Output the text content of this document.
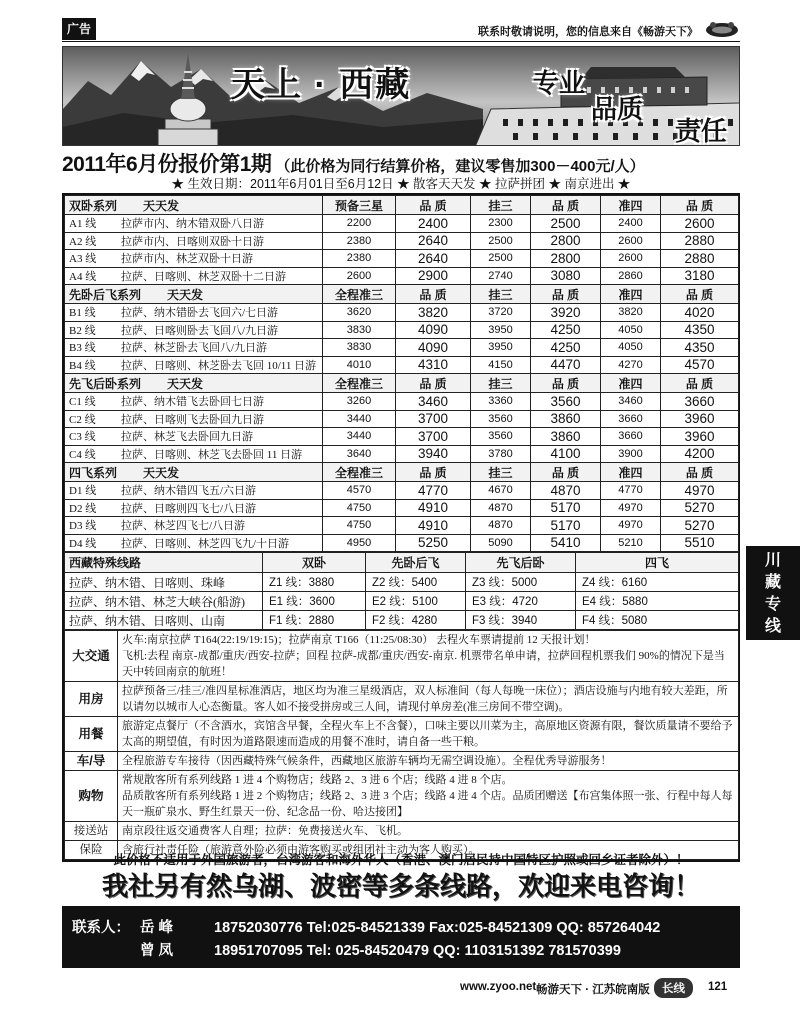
广告	联系时敬请说明，您的信息来自《畅游天下》
天上 · 西藏	专业
品质
责任
2011年6月份报价第1期 （此价格为同行结算价格，建议零售加300－400元/人）
★ 生效日期：2011年6月01日至6月12日 ★ 散客天天发 ★ 拉萨拼团 ★ 南京进出 ★
双卧系列 天天发	预备三星	品 质	挂三	品 质	准四	品 质
A1 线 拉萨市内、纳木错双卧八日游	2200	2400	2300	2500	2400	2600
A2 线 拉萨市内、日喀则双卧十日游	2380	2640	2500	2800	2600	2880
A3 线 拉萨市内、林芝双卧十日游	2380	2640	2500	2800	2600	2880
A4 线 拉萨、日喀则、林芝双卧十二日游	2600	2900	2740	3080	2860	3180
先卧后飞系列 天天发	全程准三	品 质	挂三	品 质	准四	品 质
B1 线 拉萨、纳木错卧去飞回六/七日游	3620	3820	3720	3920	3820	4020
B2 线 拉萨、日喀则卧去飞回八/九日游	3830	4090	3950	4250	4050	4350
B3 线 拉萨、林芝卧去飞回八/九日游	3830	4090	3950	4250	4050	4350
B4 线 拉萨、日喀则、林芝卧去飞回 10/11 日游	4010	4310	4150	4470	4270	4570
先飞后卧系列 天天发	全程准三	品 质	挂三	品 质	准四	品 质
C1 线 拉萨、纳木错飞去卧回七日游	3260	3460	3360	3560	3460	3660
C2 线 拉萨、日喀则飞去卧回九日游	3440	3700	3560	3860	3660	3960
C3 线 拉萨、林芝飞去卧回九日游	3440	3700	3560	3860	3660	3960
C4 线 拉萨、日喀则、林芝飞去卧回 11 日游	3640	3940	3780	4100	3900	4200
四飞系列 天天发	全程准三	品 质	挂三	品 质	准四	品 质
D1 线 拉萨、纳木错四飞五/六日游	4570	4770	4670	4870	4770	4970
D2 线 拉萨、日喀则四飞七/八日游	4750	4910	4870	5170	4970	5270
D3 线 拉萨、林芝四飞七/八日游	4750	4910	4870	5170	4970	5270
D4 线 拉萨、日喀则、林芝四飞九/十日游	4950	5250	5090	5410	5210	5510
西藏特殊线路	双卧	先卧后飞	先飞后卧	四飞
拉萨、纳木错、日喀则、珠峰	Z1 线：3880	Z2 线：5400	Z3 线：5000	Z4 线：6160
拉萨、纳木错、林芝大峡谷(船游)	E1 线：3600	E2 线：5100	E3 线：4720	E4 线：5880
拉萨、纳木错、日喀则、山南	F1 线：2880	F2 线：4280	F3 线：3940	F4 线：5080
大交通	火车:南京拉萨 T164(22:19/19:15)；拉萨南京 T166（11:25/08:30） 去程火车票请提前 12 天报计划！
飞机:去程 南京-成都/重庆/西安-拉萨；回程 拉萨-成都/重庆/西安-南京. 机票带名单申请，拉萨回程机票我们 90%的情况下是当天中转回南京的航班！

用房	拉萨预备三/挂三/准四星标准酒店，地区均为准三星级酒店，双人标准间（每人每晚一床位）；酒店设施与内地有较大差距，所以请勿以城市人心态衡量。客人如不接受拼房或三人间，请现付单房差(准三房间不带空调)。

用餐	旅游定点餐厅（不含酒水，宾馆含早餐，全程火车上不含餐），口味主要以川菜为主，高原地区资源有限，餐饮质量请不要给予太高的期望值，有时因为道路限速而造成的用餐不准时，请自备一些干粮。

车/导	全程旅游专车接待（因西藏特殊气候条件，西藏地区旅游车辆均无需空调设施）。全程优秀导游服务！

购物	常规散客所有系列线路 1 进 4 个购物店；线路 2、3 进 6 个店；线路 4 进 8 个店。
品质散客所有系列线路 1 进 2 个购物店；线路 2、3 进 3 个店；线路 4 进 4 个店。品质团赠送【布宫集体照一张、行程中每人每天一瓶矿泉水、野生红景天一份、纪念品一份、哈达接团】

接送站	南京段往返交通费客人自理；拉萨：免费接送火车、飞机。

保险	含旅行社责任险（旅游意外险必须由游客购买或组团社主动为客人购买）。
此价格不适用于外国旅游者，台湾游客和海外华人（香港、澳门居民持中国特区护照或回乡证者除外）！
我社另有然乌湖、波密等多条线路，欢迎来电咨询！
联系人： 岳 峰	18752030776 Tel:025-84521339 Fax:025-84521309 QQ: 857264042
曾 凤	18951707095 Tel: 025-84520479 QQ: 1103151392 781570399
www.zyoo.net 畅游天下 · 江苏皖南版	长线	121
川藏专线
